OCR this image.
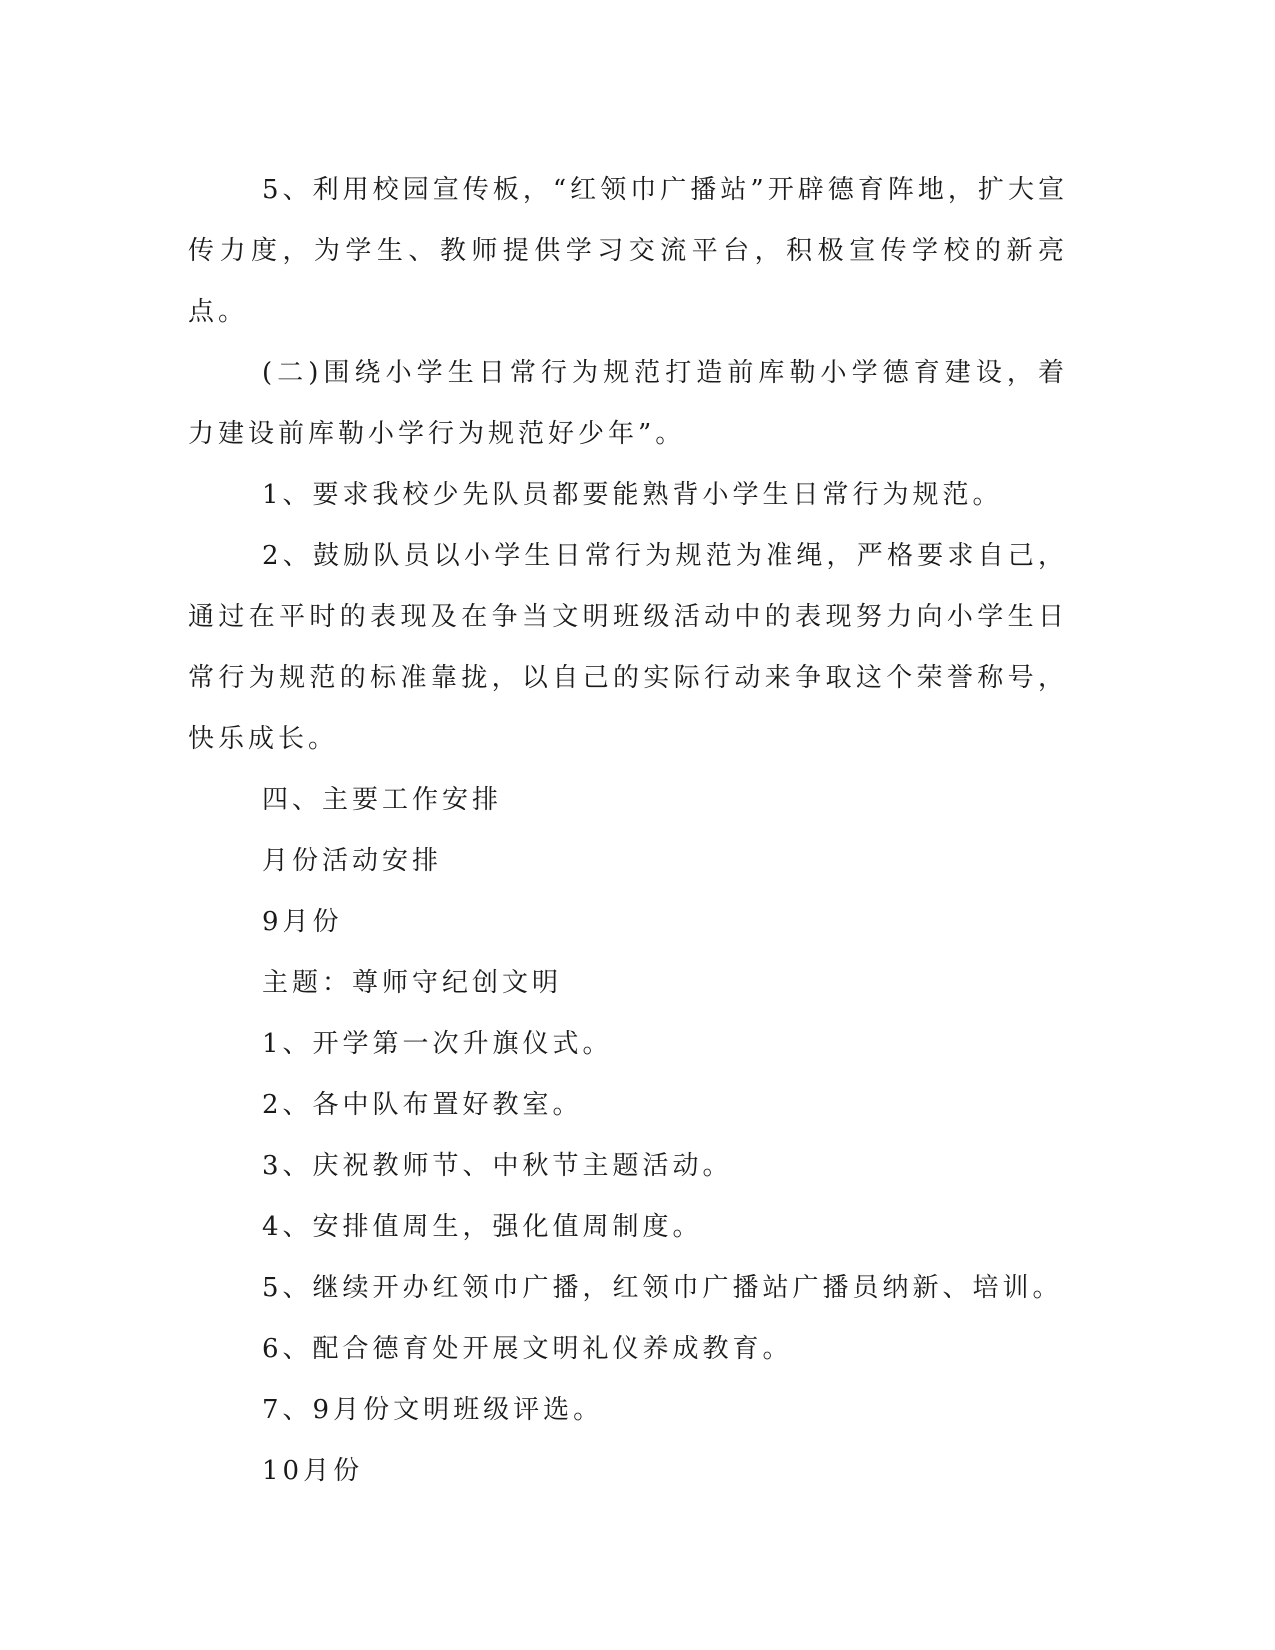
5、利用校园宣传板，“红领巾广播站”开辟德育阵地，扩大宣传力度，为学生、教师提供学习交流平台，积极宣传学校的新亮点。

(二)围绕小学生日常行为规范打造前库勒小学德育建设，着力建设前库勒小学行为规范好少年”。

1、要求我校少先队员都要能熟背小学生日常行为规范。

2、鼓励队员以小学生日常行为规范为准绳，严格要求自己，通过在平时的表现及在争当文明班级活动中的表现努力向小学生日常行为规范的标准靠拢，以自己的实际行动来争取这个荣誉称号，快乐成长。

四、主要工作安排

月份活动安排

9月份

主题：尊师守纪创文明

1、开学第一次升旗仪式。

2、各中队布置好教室。

3、庆祝教师节、中秋节主题活动。

4、安排值周生，强化值周制度。

5、继续开办红领巾广播，红领巾广播站广播员纳新、培训。

6、配合德育处开展文明礼仪养成教育。

7、9月份文明班级评选。

10月份
